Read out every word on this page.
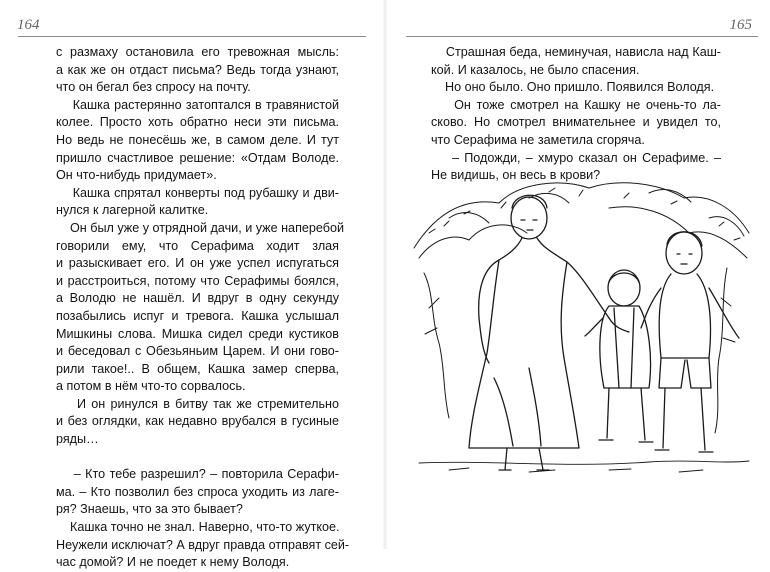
164
с размаху остановила его тревожная мысль:
а как же он отдаст письма? Ведь тогда узнают,
что он бегал без спросу на почту.
Кашка растерянно затоптался в травянистой
колее. Просто хоть обратно неси эти письма.
Но ведь не понесёшь же, в самом деле. И тут
пришло счастливое решение: «Отдам Володе.
Он что-нибудь придумает».
Кашка спрятал конверты под рубашку и дви-
нулся к лагерной калитке.
Он был уже у отрядной дачи, и уже наперебой
говорили ему, что Серафима ходит злая
и разыскивает его. И он уже успел испугаться
и расстроиться, потому что Серафимы боялся,
а Володю не нашёл. И вдруг в одну секунду
позабылись испуг и тревога. Кашка услышал
Мишкины слова. Мишка сидел среди кустиков
и беседовал с Обезьяньим Царем. И они гово-
рили такое!.. В общем, Кашка замер сперва,
а потом в нём что-то сорвалось.
И он ринулся в битву так же стремительно
и без оглядки, как недавно врубался в гусиные
ряды…
– Кто тебе разрешил? – повторила Серафи-
ма. – Кто позволил без спроса уходить из лаге-
ря? Знаешь, что за это бывает?
Кашка точно не знал. Наверно, что-то жуткое.
Неужели исключат? А вдруг правда отправят сей-
час домой? И не поедет к нему Володя.
165
Страшная беда, неминучая, нависла над Каш-
кой. И казалось, не было спасения.
Но оно было. Оно пришло. Появился Володя.
Он тоже смотрел на Кашку не очень-то ла-
сково. Но смотрел внимательнее и увидел то,
что Серафима не заметила сгоряча.
– Подожди, – хмуро сказал он Серафиме. –
Не видишь, он весь в крови?
